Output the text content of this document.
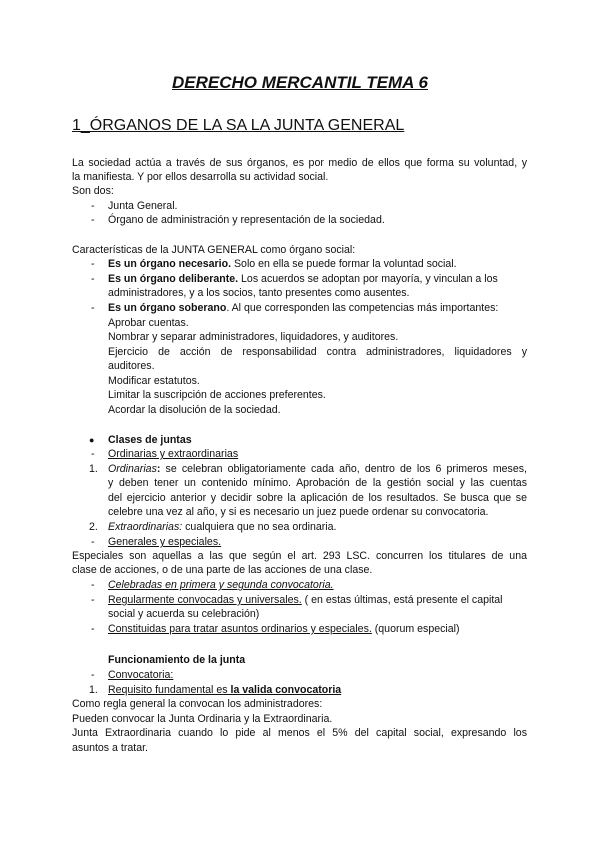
DERECHO MERCANTIL TEMA 6
1_ÓRGANOS DE LA SA LA JUNTA GENERAL
La sociedad actúa a través de sus órganos, es por medio de ellos que forma su voluntad, y
la manifiesta. Y por ellos desarrolla su actividad social.
Son dos:
- Junta General.
- Órgano de administración y representación de la sociedad.
Características de la JUNTA GENERAL como órgano social:
- Es un órgano necesario. Solo en ella se puede formar la voluntad social.
- Es un órgano deliberante. Los acuerdos se adoptan por mayoría, y vinculan a los
administradores, y a los socios, tanto presentes como ausentes.
- Es un órgano soberano. Al que corresponden las competencias más importantes:
Aprobar cuentas.
Nombrar y separar administradores, liquidadores, y auditores.
Ejercicio de acción de responsabilidad contra administradores, liquidadores y
auditores.
Modificar estatutos.
Limitar la suscripción de acciones preferentes.
Acordar la disolución de la sociedad.
● Clases de juntas
- Ordinarias y extraordinarias
1. Ordinarias: se celebran obligatoriamente cada año, dentro de los 6 primeros meses,
y deben tener un contenido mínimo. Aprobación de la gestión social y las cuentas
del ejercicio anterior y decidir sobre la aplicación de los resultados. Se busca que se
celebre una vez al año, y si es necesario un juez puede ordenar su convocatoria.
2. Extraordinarias: cualquiera que no sea ordinaria.
- Generales y especiales.
Especiales son aquellas a las que según el art. 293 LSC. concurren los titulares de una
clase de acciones, o de una parte de las acciones de una clase.
- Celebradas en primera y segunda convocatoria.
- Regularmente convocadas y universales. ( en estas últimas, está presente el capital
social y acuerda su celebración)
- Constituidas para tratar asuntos ordinarios y especiales. (quorum especial)
Funcionamiento de la junta
- Convocatoria:
1. Requisito fundamental es la valida convocatoria
Como regla general la convocan los administradores:
Pueden convocar la Junta Ordinaria y la Extraordinaria.
Junta Extraordinaria cuando lo pide al menos el 5% del capital social, expresando los
asuntos a tratar.
